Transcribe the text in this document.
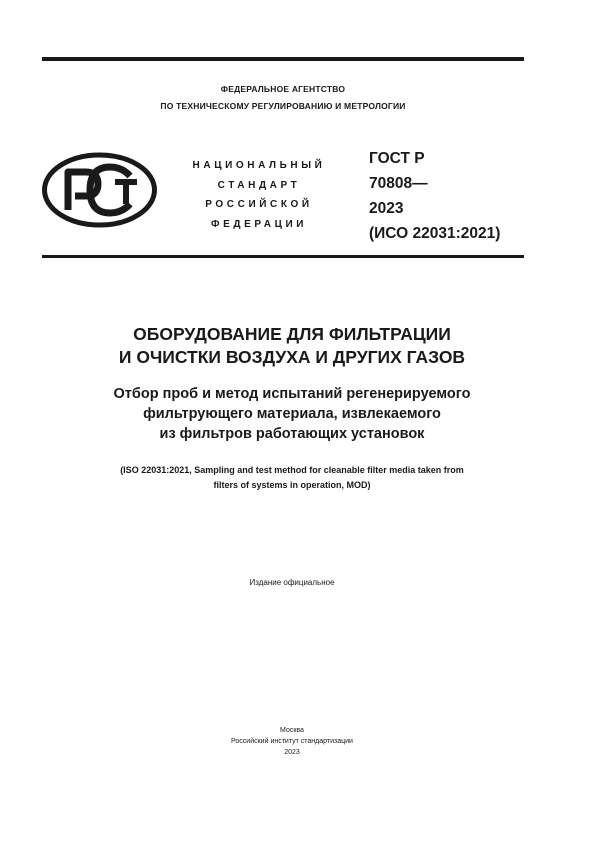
ФЕДЕРАЛЬНОЕ АГЕНТСТВО
ПО ТЕХНИЧЕСКОМУ РЕГУЛИРОВАНИЮ И МЕТРОЛОГИИ
НАЦИОНАЛЬНЫЙ
СТАНДАРТ
РОССИЙСКОЙ
ФЕДЕРАЦИИ
ГОСТ Р
70808—
2023
(ИСО 22031:2021)
ОБОРУДОВАНИЕ ДЛЯ ФИЛЬТРАЦИИ
И ОЧИСТКИ ВОЗДУХА И ДРУГИХ ГАЗОВ
Отбор проб и метод испытаний регенерируемого
фильтрующего материала, извлекаемого
из фильтров работающих установок
(ISO 22031:2021, Sampling and test method for cleanable filter media taken from
filters of systems in operation, MOD)
Издание официальное
Москва
Российский институт стандартизации
2023
